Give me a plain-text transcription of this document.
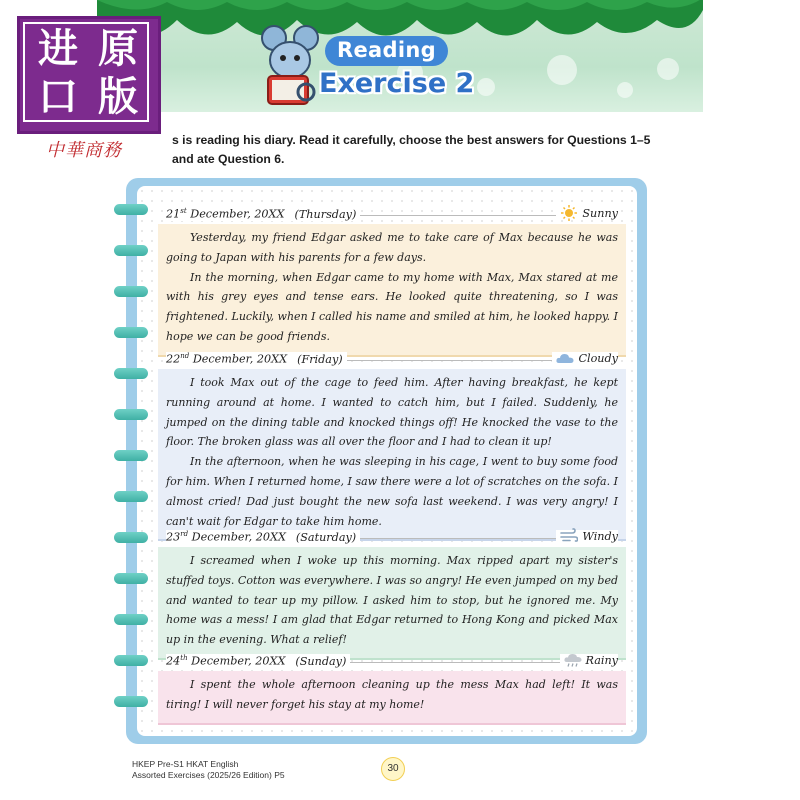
Reading
Exercise 2
进 原
口 版
中華商務	s is reading his diary. Read it carefully, choose the best answers for Questions 1–5 and ate Question 6.
21st December, 20XX (Thursday)	Sunny

Yesterday, my friend Edgar asked me to take care of Max because he was going to Japan with his parents for a few days.

In the morning, when Edgar came to my home with Max, Max stared at me with his grey eyes and tense ears. He looked quite threatening, so I was frightened. Luckily, when I called his name and smiled at him, he looked happy. I hope we can be good friends.

22nd December, 20XX (Friday)	Cloudy

I took Max out of the cage to feed him. After having breakfast, he kept running around at home. I wanted to catch him, but I failed. Suddenly, he jumped on the dining table and knocked things off! He knocked the vase to the floor. The broken glass was all over the floor and I had to clean it up!

In the afternoon, when he was sleeping in his cage, I went to buy some food for him. When I returned home, I saw there were a lot of scratches on the sofa. I almost cried! Dad just bought the new sofa last weekend. I was very angry! I can't wait for Edgar to take him home.

23rd December, 20XX (Saturday)	Windy

I screamed when I woke up this morning. Max ripped apart my sister's stuffed toys. Cotton was everywhere. I was so angry! He even jumped on my bed and wanted to tear up my pillow. I asked him to stop, but he ignored me. My home was a mess! I am glad that Edgar returned to Hong Kong and picked Max up in the evening. What a relief!

24th December, 20XX (Sunday)	Rainy

I spent the whole afternoon cleaning up the mess Max had left! It was tiring! I will never forget his stay at my home!

HKEP Pre-S1 HKAT English
Assorted Exercises (2025/26 Edition) P5
30
